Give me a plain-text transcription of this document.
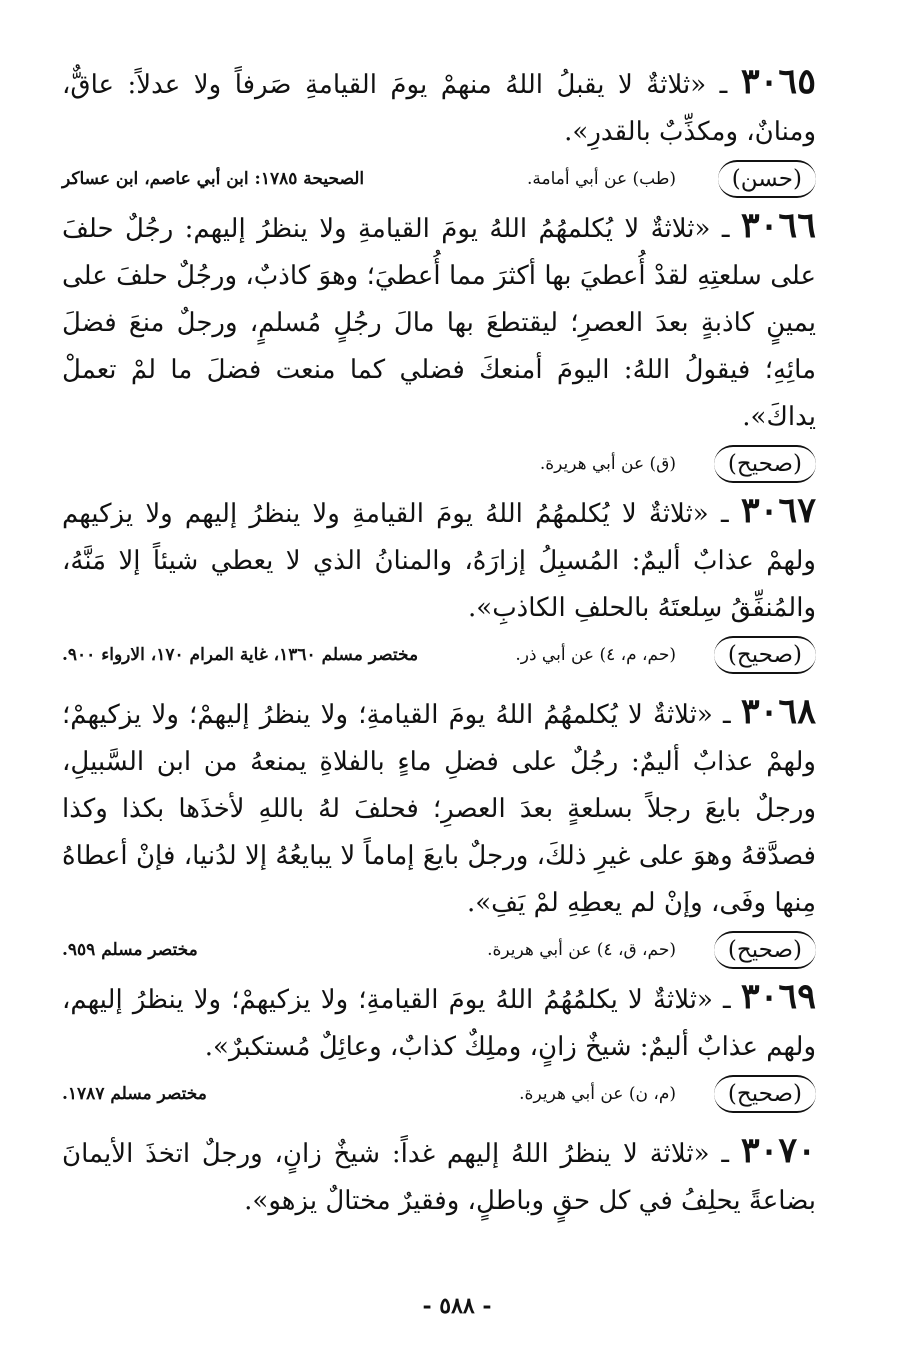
٣٠٦٥ ـ «ثلاثةٌ لا يقبلُ اللهُ منهمْ يومَ القيامةِ صَرفاً ولا عدلاً: عاقٌّ، ومنانٌ، ومكذِّبٌ بالقدرِ».

(حسن)
(طب) عن أبي أمامة.
الصحيحة ١٧٨٥: ابن أبي عاصم، ابن عساكر

٣٠٦٦ ـ «ثلاثةٌ لا يُكلمهُمُ اللهُ يومَ القيامةِ ولا ينظرُ إليهم: رجُلٌ حلفَ على سلعتِهِ لقدْ أُعطيَ بها أكثرَ مما أُعطيَ؛ وهوَ كاذبٌ، ورجُلٌ حلفَ على يمينٍ كاذبةٍ بعدَ العصرِ؛ ليقتطعَ بها مالَ رجُلٍ مُسلمٍ، ورجلٌ منعَ فضلَ مائِهِ؛ فيقولُ اللهُ: اليومَ أمنعكَ فضلي كما منعت فضلَ ما لمْ تعملْ يداكَ».

(صحيح)
(ق) عن أبي هريرة.

٣٠٦٧ ـ «ثلاثةٌ لا يُكلمهُمُ اللهُ يومَ القيامةِ ولا ينظرُ إليهم ولا يزكيهم ولهمْ عذابٌ أليمٌ: المُسبِلُ إزارَهُ، والمنانُ الذي لا يعطي شيئاً إلا مَنَّهُ، والمُنفِّقُ سِلعتَهُ بالحلفِ الكاذبِ».

(صحيح)
(حم، م، ٤) عن أبي ذر.
مختصر مسلم ١٣٦٠، غاية المرام ١٧٠، الارواء ٩٠٠.

٣٠٦٨ ـ «ثلاثةٌ لا يُكلمهُمُ اللهُ يومَ القيامةِ؛ ولا ينظرُ إليهمْ؛ ولا يزكيهمْ؛ ولهمْ عذابٌ أليمٌ: رجُلٌ على فضلِ ماءٍ بالفلاةِ يمنعهُ من ابن السَّبيلِ، ورجلٌ بايعَ رجلاً بسلعةٍ بعدَ العصرِ؛ فحلفَ لهُ باللهِ لأخذَها بكذا وكذا فصدَّقهُ وهوَ على غيرِ ذلكَ، ورجلٌ بايعَ إماماً لا يبايعُهُ إلا لدُنيا، فإنْ أعطاهُ مِنها وفَى، وإنْ لم يعطِهِ لمْ يَفِ».

(صحيح)
(حم، ق، ٤) عن أبي هريرة.
مختصر مسلم ٩٥٩.

٣٠٦٩ ـ «ثلاثةٌ لا يكلمُهُمُ اللهُ يومَ القيامةِ؛ ولا يزكيهمْ؛ ولا ينظرُ إليهم، ولهم عذابٌ أليمٌ: شيخٌ زانٍ، وملِكٌ كذابٌ، وعائِلٌ مُستكبرٌ».

(صحيح)
(م، ن) عن أبي هريرة.
مختصر مسلم ١٧٨٧.

٣٠٧٠ ـ «ثلاثة لا ينظرُ اللهُ إليهم غداً: شيخٌ زانٍ، ورجلٌ اتخذَ الأيمانَ بضاعةً يحلِفُ في كل حقٍ وباطلٍ، وفقيرٌ مختالٌ يزهو».

- ٥٨٨ -
